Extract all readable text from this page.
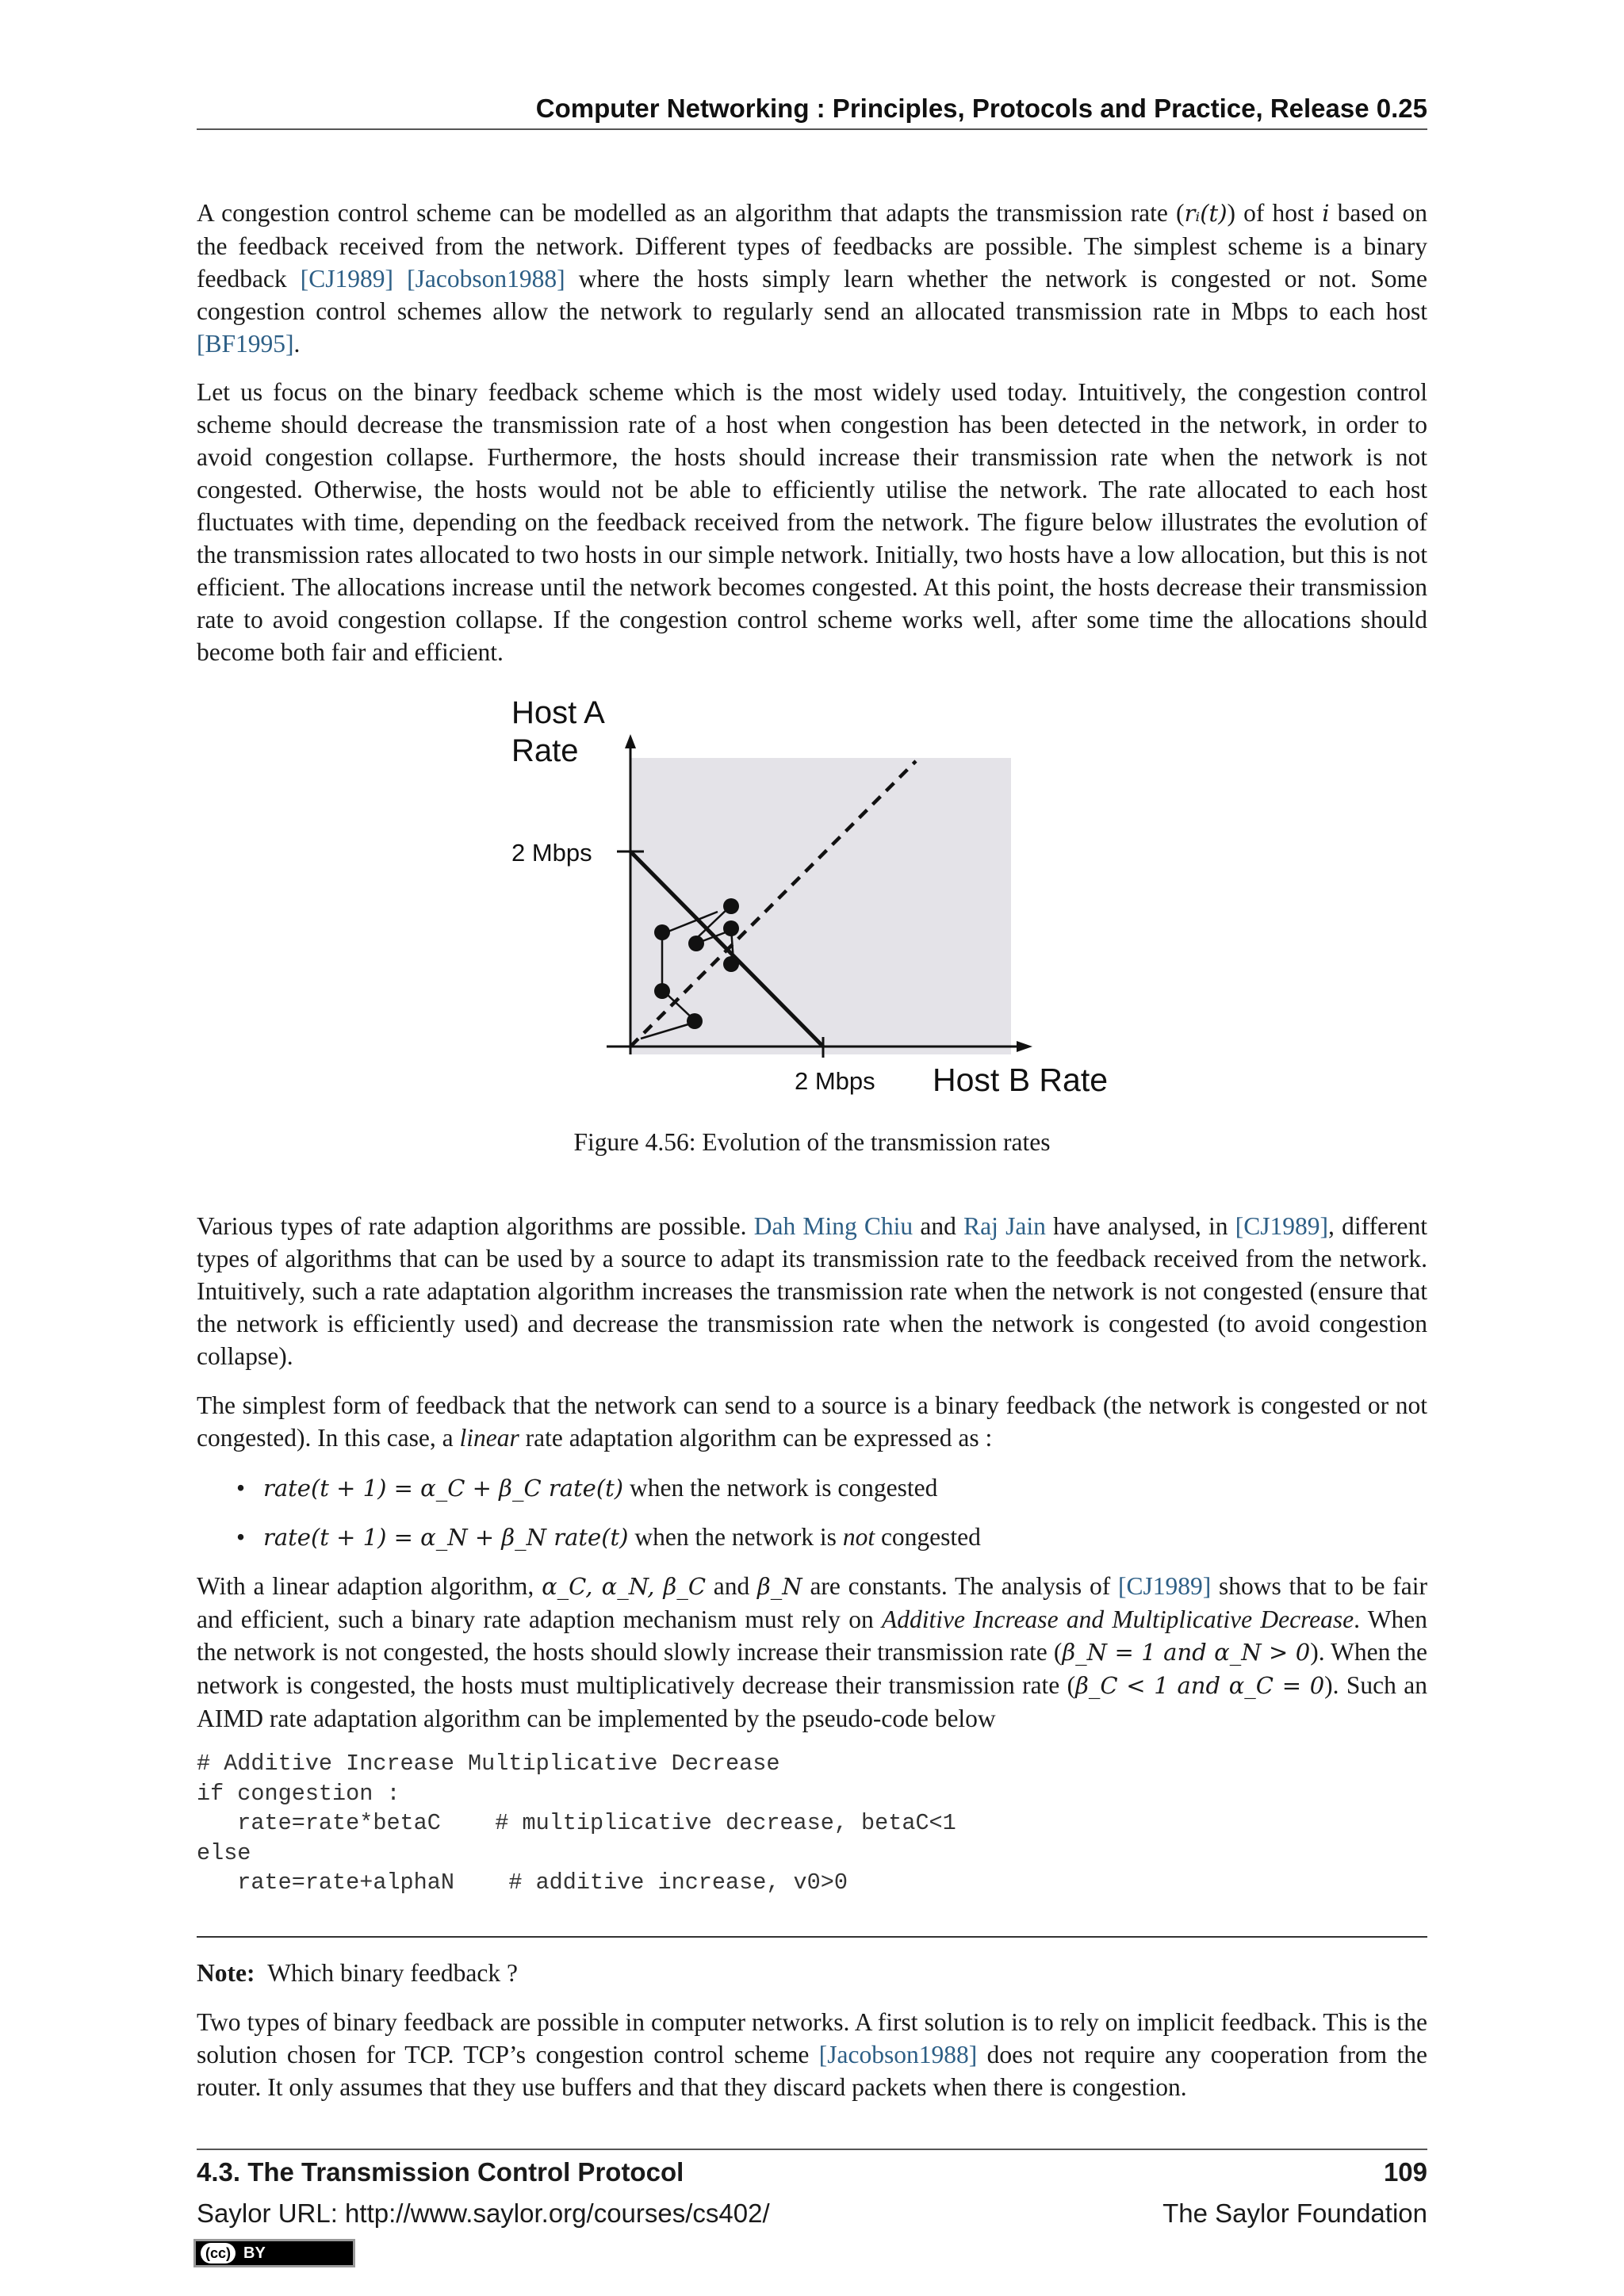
Computer Networking : Principles, Protocols and Practice, Release 0.25

A congestion control scheme can be modelled as an algorithm that adapts the transmission rate (rᵢ(t)) of host i based on the feedback received from the network. Different types of feedbacks are possible. The simplest scheme is a binary feedback [CJ1989] [Jacobson1988] where the hosts simply learn whether the network is congested or not. Some congestion control schemes allow the network to regularly send an allocated transmission rate in Mbps to each host [BF1995].

Let us focus on the binary feedback scheme which is the most widely used today. Intuitively, the congestion control scheme should decrease the transmission rate of a host when congestion has been detected in the network, in order to avoid congestion collapse. Furthermore, the hosts should increase their transmission rate when the network is not congested. Otherwise, the hosts would not be able to efficiently utilise the network. The rate allocated to each host fluctuates with time, depending on the feedback received from the network. The figure below illustrates the evolution of the transmission rates allocated to two hosts in our simple network. Initially, two hosts have a low allocation, but this is not efficient. The allocations increase until the network becomes congested. At this point, the hosts decrease their transmission rate to avoid congestion collapse. If the congestion control scheme works well, after some time the allocations should become both fair and efficient.

Host A
Rate
2 Mbps
2 Mbps Host B Rate
Figure 4.56: Evolution of the transmission rates

Various types of rate adaption algorithms are possible. Dah Ming Chiu and Raj Jain have analysed, in [CJ1989], different types of algorithms that can be used by a source to adapt its transmission rate to the feedback received from the network. Intuitively, such a rate adaptation algorithm increases the transmission rate when the network is not congested (ensure that the network is efficiently used) and decrease the transmission rate when the network is congested (to avoid congestion collapse).

The simplest form of feedback that the network can send to a source is a binary feedback (the network is congested or not congested). In this case, a linear rate adaptation algorithm can be expressed as :

• rate(t + 1) = α_C + β_C rate(t) when the network is congested
• rate(t + 1) = α_N + β_N rate(t) when the network is not congested

With a linear adaption algorithm, α_C, α_N, β_C and β_N are constants. The analysis of [CJ1989] shows that to be fair and efficient, such a binary rate adaption mechanism must rely on Additive Increase and Multiplicative Decrease. When the network is not congested, the hosts should slowly increase their transmission rate (β_N = 1 and α_N > 0). When the network is congested, the hosts must multiplicatively decrease their transmission rate (β_C < 1 and α_C = 0). Such an AIMD rate adaptation algorithm can be implemented by the pseudo-code below

# Additive Increase Multiplicative Decrease
if congestion :
rate=rate*betaC    # multiplicative decrease, betaC<1
else
rate=rate+alphaN    # additive increase, v0>0

Note: Which binary feedback ?

Two types of binary feedback are possible in computer networks. A first solution is to rely on implicit feedback. This is the solution chosen for TCP. TCP’s congestion control scheme [Jacobson1988] does not require any cooperation from the router. It only assumes that they use buffers and that they discard packets when there is congestion.

4.3. The Transmission Control Protocol	109
Saylor URL: http://www.saylor.org/courses/cs402/	The Saylor Foundation
(cc) BY
